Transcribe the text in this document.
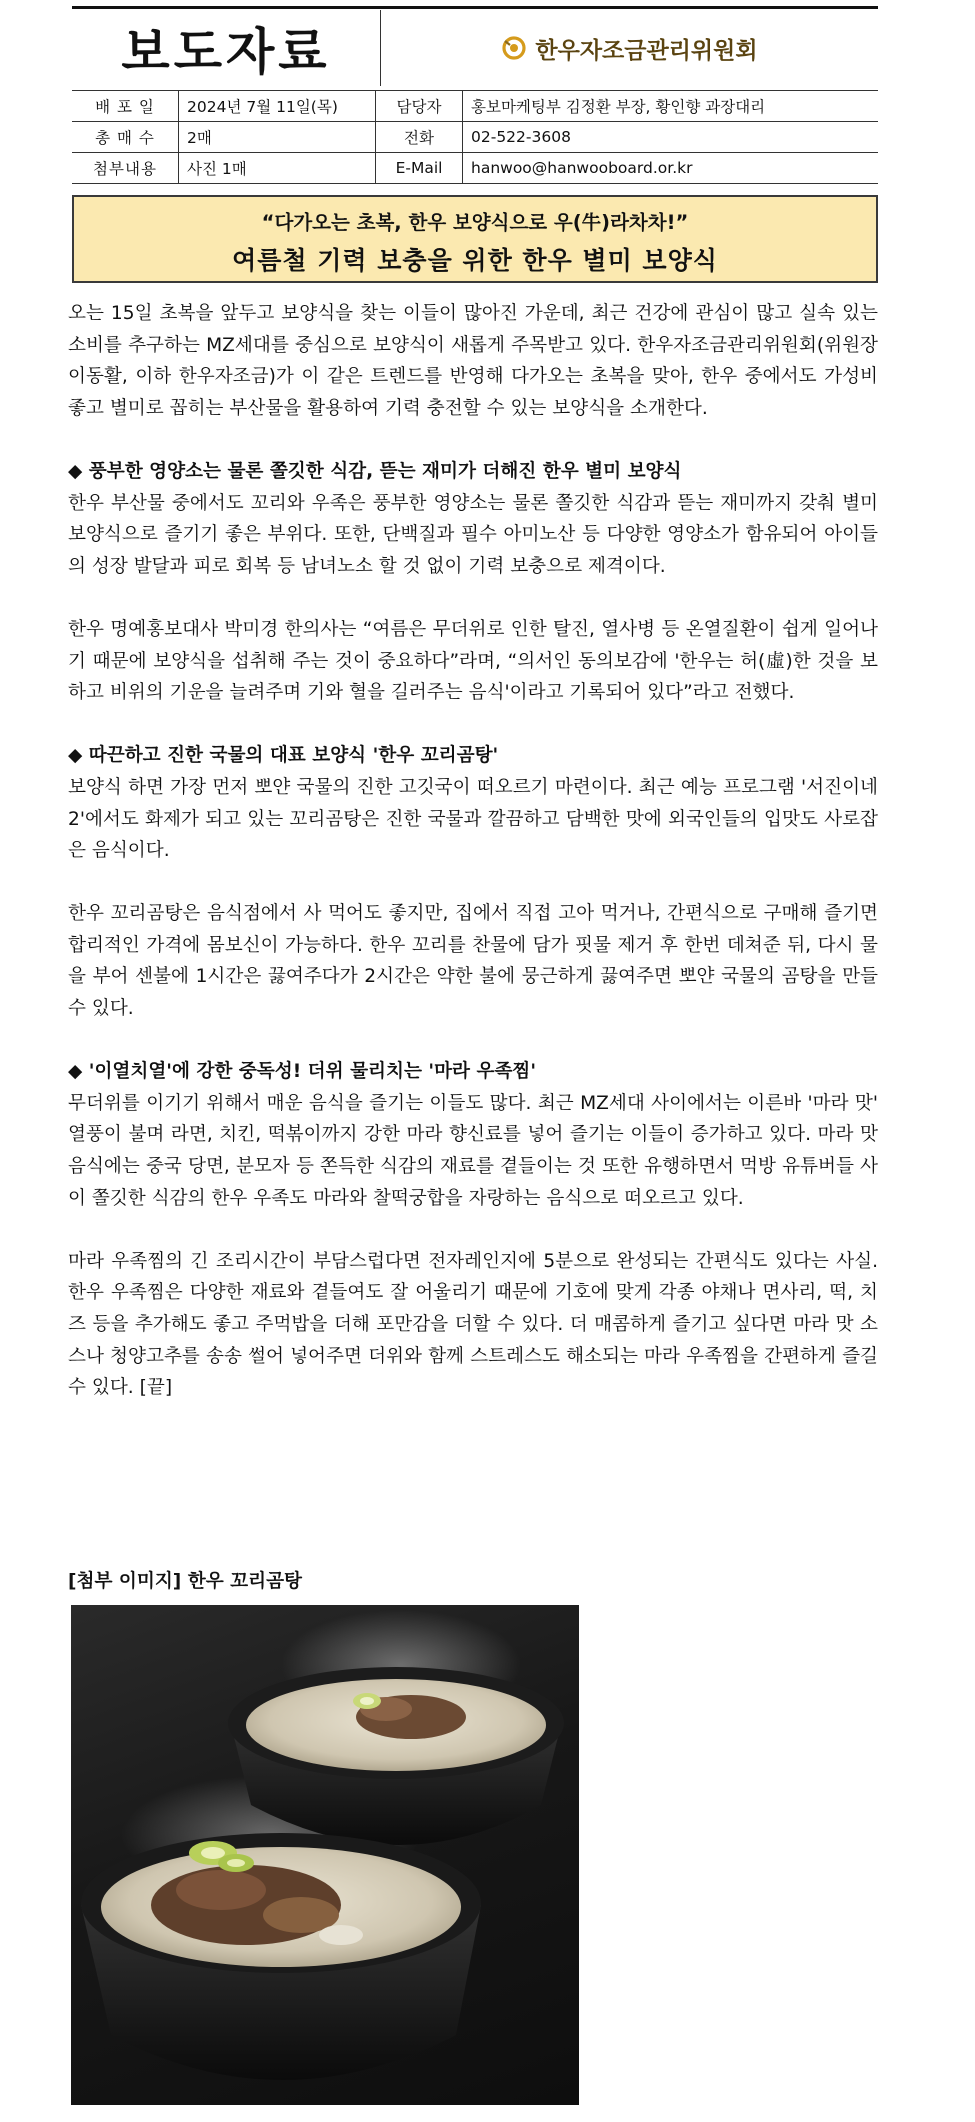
보도자료	한우자조금관리위원회
배 포 일	2024년 7월 11일(목)	담당자	홍보마케팅부 김정환 부장, 황인향 과장대리
총 매 수	2매	전화	02-522-3608
첨부내용	사진 1매	E-Mail	hanwoo@hanwooboard.or.kr
“다가오는 초복, 한우 보양식으로 우(牛)라차차!”
여름철 기력 보충을 위한 한우 별미 보양식

오는 15일 초복을 앞두고 보양식을 찾는 이들이 많아진 가운데, 최근 건강에 관심이 많고 실속 있는 소비를 추구하는 MZ세대를 중심으로 보양식이 새롭게 주목받고 있다. 한우자조금관리위원회(위원장 이동활, 이하 한우자조금)가 이 같은 트렌드를 반영해 다가오는 초복을 맞아, 한우 중에서도 가성비 좋고 별미로 꼽히는 부산물을 활용하여 기력 충전할 수 있는 보양식을 소개한다.

◆ 풍부한 영양소는 물론 쫄깃한 식감, 뜯는 재미가 더해진 한우 별미 보양식

한우 부산물 중에서도 꼬리와 우족은 풍부한 영양소는 물론 쫄깃한 식감과 뜯는 재미까지 갖춰 별미 보양식으로 즐기기 좋은 부위다. 또한, 단백질과 필수 아미노산 등 다양한 영양소가 함유되어 아이들의 성장 발달과 피로 회복 등 남녀노소 할 것 없이 기력 보충으로 제격이다.

한우 명예홍보대사 박미경 한의사는 “여름은 무더위로 인한 탈진, 열사병 등 온열질환이 쉽게 일어나기 때문에 보양식을 섭취해 주는 것이 중요하다”라며, “의서인 동의보감에 '한우는 허(虛)한 것을 보하고 비위의 기운을 늘려주며 기와 혈을 길러주는 음식'이라고 기록되어 있다”라고 전했다.

◆ 따끈하고 진한 국물의 대표 보양식 '한우 꼬리곰탕'

보양식 하면 가장 먼저 뽀얀 국물의 진한 고깃국이 떠오르기 마련이다. 최근 예능 프로그램 '서진이네2'에서도 화제가 되고 있는 꼬리곰탕은 진한 국물과 깔끔하고 담백한 맛에 외국인들의 입맛도 사로잡은 음식이다.

한우 꼬리곰탕은 음식점에서 사 먹어도 좋지만, 집에서 직접 고아 먹거나, 간편식으로 구매해 즐기면 합리적인 가격에 몸보신이 가능하다. 한우 꼬리를 찬물에 담가 핏물 제거 후 한번 데쳐준 뒤, 다시 물을 부어 센불에 1시간은 끓여주다가 2시간은 약한 불에 뭉근하게 끓여주면 뽀얀 국물의 곰탕을 만들 수 있다.

◆ '이열치열'에 강한 중독성! 더위 물리치는 '마라 우족찜'

무더위를 이기기 위해서 매운 음식을 즐기는 이들도 많다. 최근 MZ세대 사이에서는 이른바 '마라 맛' 열풍이 불며 라면, 치킨, 떡볶이까지 강한 마라 향신료를 넣어 즐기는 이들이 증가하고 있다. 마라 맛 음식에는 중국 당면, 분모자 등 쫀득한 식감의 재료를 곁들이는 것 또한 유행하면서 먹방 유튜버들 사이 쫄깃한 식감의 한우 우족도 마라와 찰떡궁합을 자랑하는 음식으로 떠오르고 있다.

마라 우족찜의 긴 조리시간이 부담스럽다면 전자레인지에 5분으로 완성되는 간편식도 있다는 사실. 한우 우족찜은 다양한 재료와 곁들여도 잘 어울리기 때문에 기호에 맞게 각종 야채나 면사리, 떡, 치즈 등을 추가해도 좋고 주먹밥을 더해 포만감을 더할 수 있다. 더 매콤하게 즐기고 싶다면 마라 맛 소스나 청양고추를 송송 썰어 넣어주면 더위와 함께 스트레스도 해소되는 마라 우족찜을 간편하게 즐길 수 있다. [끝]

[첨부 이미지] 한우 꼬리곰탕
